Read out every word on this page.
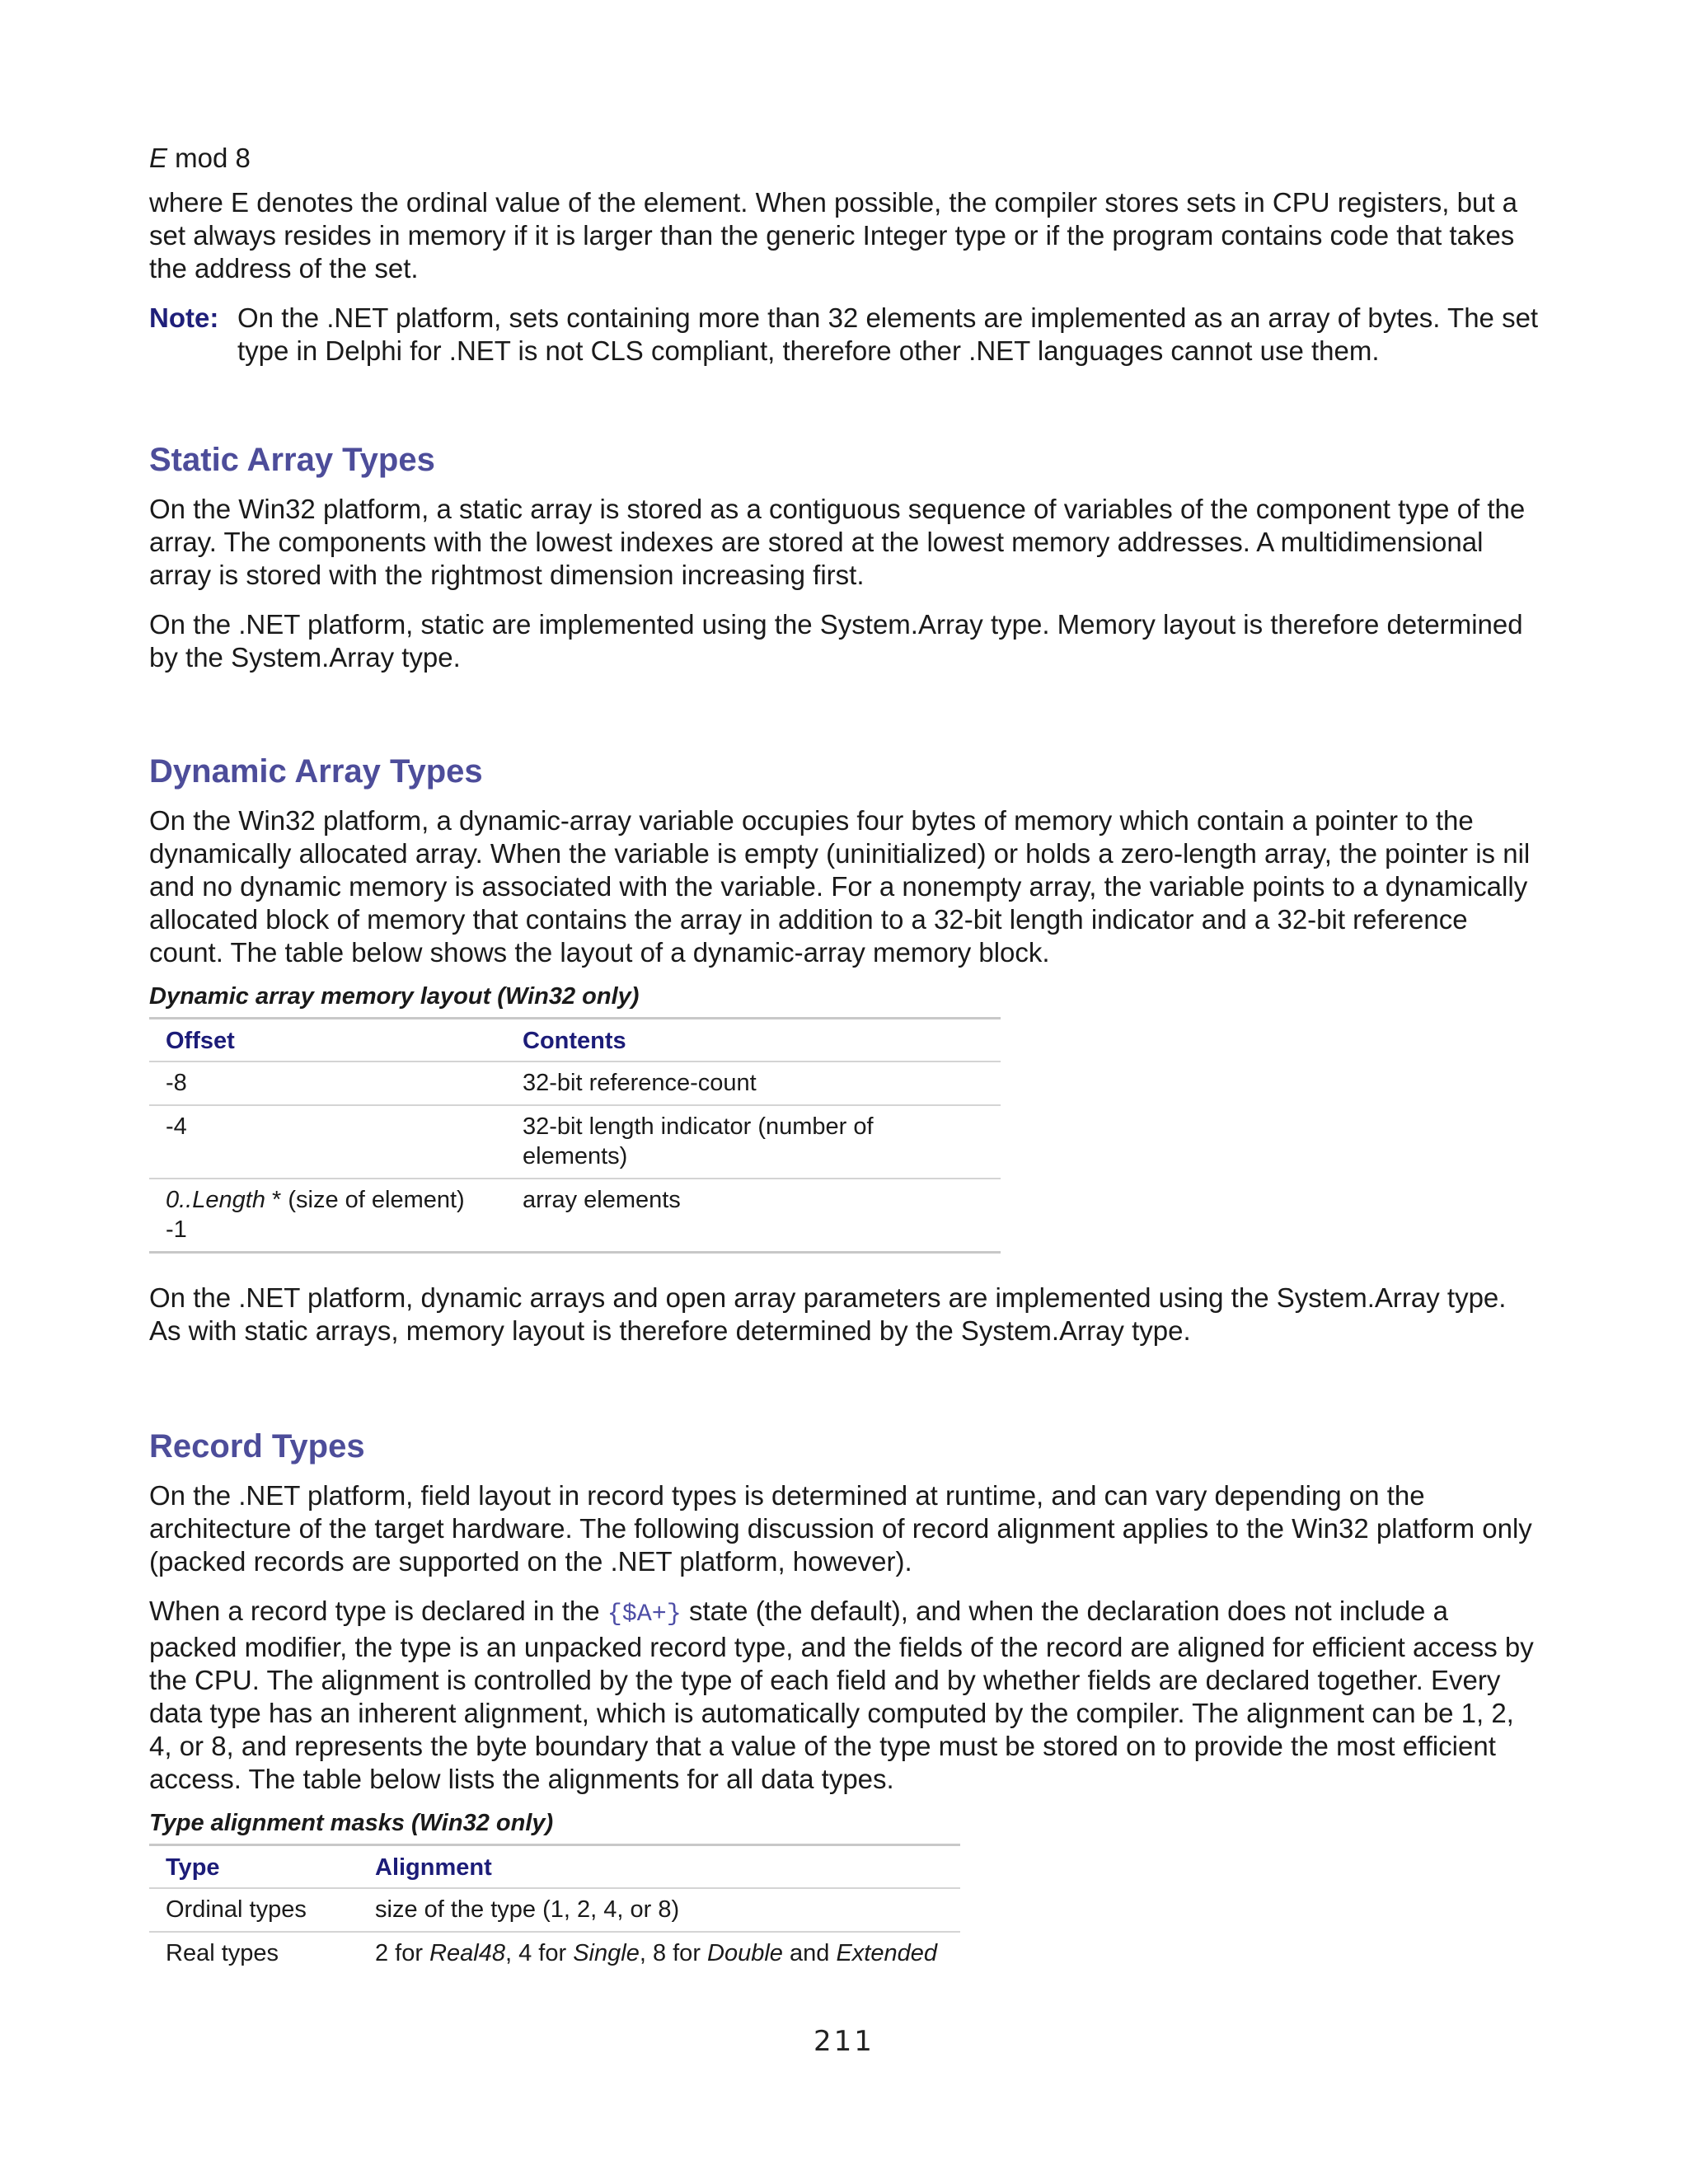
E mod 8

where E denotes the ordinal value of the element. When possible, the compiler stores sets in CPU registers, but a set always resides in memory if it is larger than the generic Integer type or if the program contains code that takes the address of the set.

Note: On the .NET platform, sets containing more than 32 elements are implemented as an array of bytes. The set type in Delphi for .NET is not CLS compliant, therefore other .NET languages cannot use them.
Static Array Types

On the Win32 platform, a static array is stored as a contiguous sequence of variables of the component type of the array. The components with the lowest indexes are stored at the lowest memory addresses. A multidimensional array is stored with the rightmost dimension increasing first.

On the .NET platform, static are implemented using the System.Array type. Memory layout is therefore determined by the System.Array type.

Dynamic Array Types

On the Win32 platform, a dynamic-array variable occupies four bytes of memory which contain a pointer to the dynamically allocated array. When the variable is empty (uninitialized) or holds a zero-length array, the pointer is nil and no dynamic memory is associated with the variable. For a nonempty array, the variable points to a dynamically allocated block of memory that contains the array in addition to a 32-bit length indicator and a 32-bit reference count. The table below shows the layout of a dynamic-array memory block.

Dynamic array memory layout (Win32 only)

Offset	Contents
-8	32-bit reference-count
-4	32-bit length indicator (number of elements)
0..Length * (size of element) -1	array elements

On the .NET platform, dynamic arrays and open array parameters are implemented using the System.Array type. As with static arrays, memory layout is therefore determined by the System.Array type.

Record Types

On the .NET platform, field layout in record types is determined at runtime, and can vary depending on the architecture of the target hardware. The following discussion of record alignment applies to the Win32 platform only (packed records are supported on the .NET platform, however).

When a record type is declared in the {$A+} state (the default), and when the declaration does not include a packed modifier, the type is an unpacked record type, and the fields of the record are aligned for efficient access by the CPU. The alignment is controlled by the type of each field and by whether fields are declared together. Every data type has an inherent alignment, which is automatically computed by the compiler. The alignment can be 1, 2, 4, or 8, and represents the byte boundary that a value of the type must be stored on to provide the most efficient access. The table below lists the alignments for all data types.

Type alignment masks (Win32 only)

Type	Alignment
Ordinal types	size of the type (1, 2, 4, or 8)
Real types	2 for Real48, 4 for Single, 8 for Double and Extended
211
